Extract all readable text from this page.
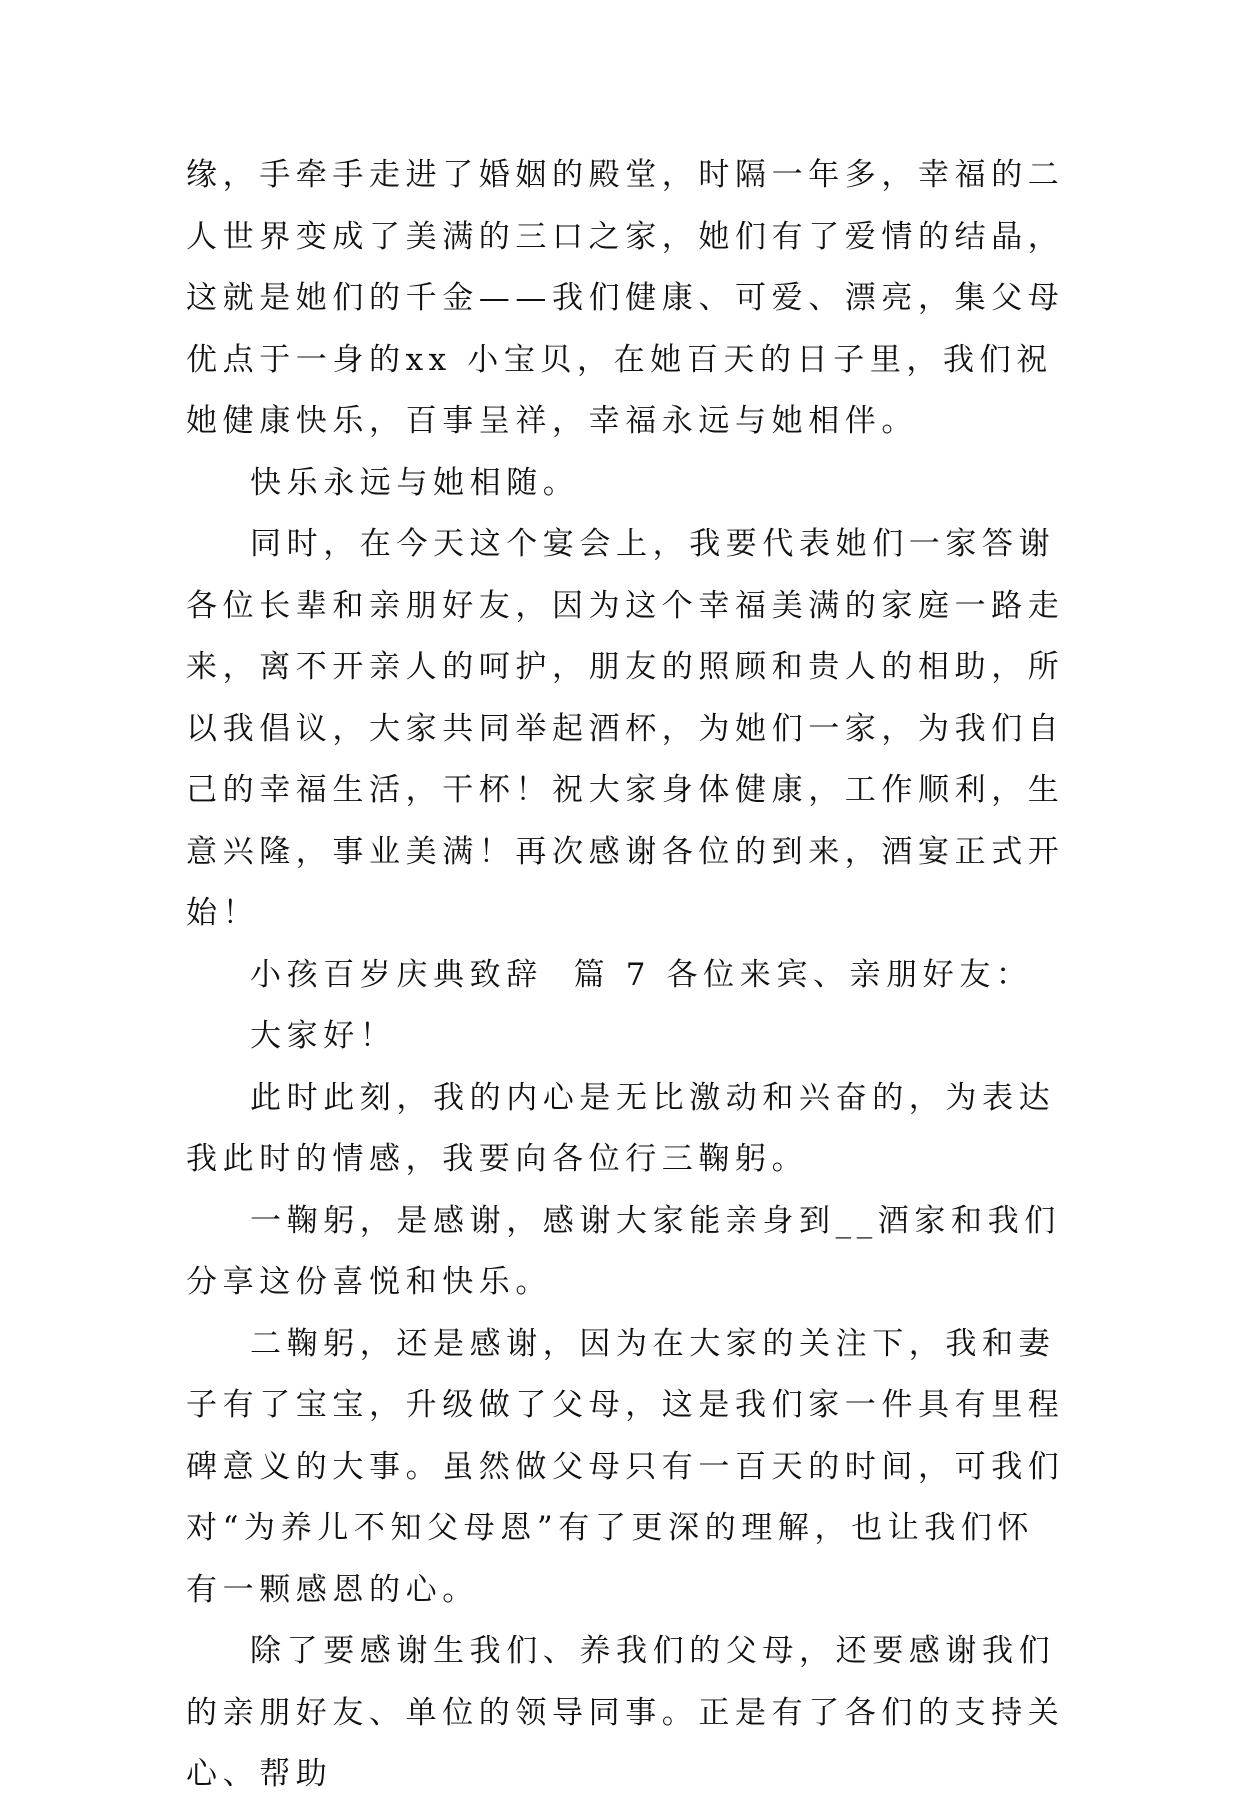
缘，手牵手走进了婚姻的殿堂，时隔一年多，幸福的二人世界变成了美满的三口之家，她们有了爱情的结晶，这就是她们的千金——我们健康、可爱、漂亮，集父母优点于一身的xx 小宝贝，在她百天的日子里，我们祝她健康快乐，百事呈祥，幸福永远与她相伴。

快乐永远与她相随。

同时，在今天这个宴会上，我要代表她们一家答谢各位长辈和亲朋好友，因为这个幸福美满的家庭一路走来，离不开亲人的呵护，朋友的照顾和贵人的相助，所以我倡议，大家共同举起酒杯，为她们一家，为我们自己的幸福生活，干杯！祝大家身体健康，工作顺利，生意兴隆，事业美满！再次感谢各位的到来，酒宴正式开始！

小孩百岁庆典致辞  篇 7 各位来宾、亲朋好友：

大家好！

此时此刻，我的内心是无比激动和兴奋的，为表达我此时的情感，我要向各位行三鞠躬。

一鞠躬，是感谢，感谢大家能亲身到__酒家和我们分享这份喜悦和快乐。

二鞠躬，还是感谢，因为在大家的关注下，我和妻子有了宝宝，升级做了父母，这是我们家一件具有里程碑意义的大事。虽然做父母只有一百天的时间，可我们对“为养儿不知父母恩”有了更深的理解，也让我们怀有一颗感恩的心。

除了要感谢生我们、养我们的父母，还要感谢我们的亲朋好友、单位的领导同事。正是有了各们的支持关心、帮助
